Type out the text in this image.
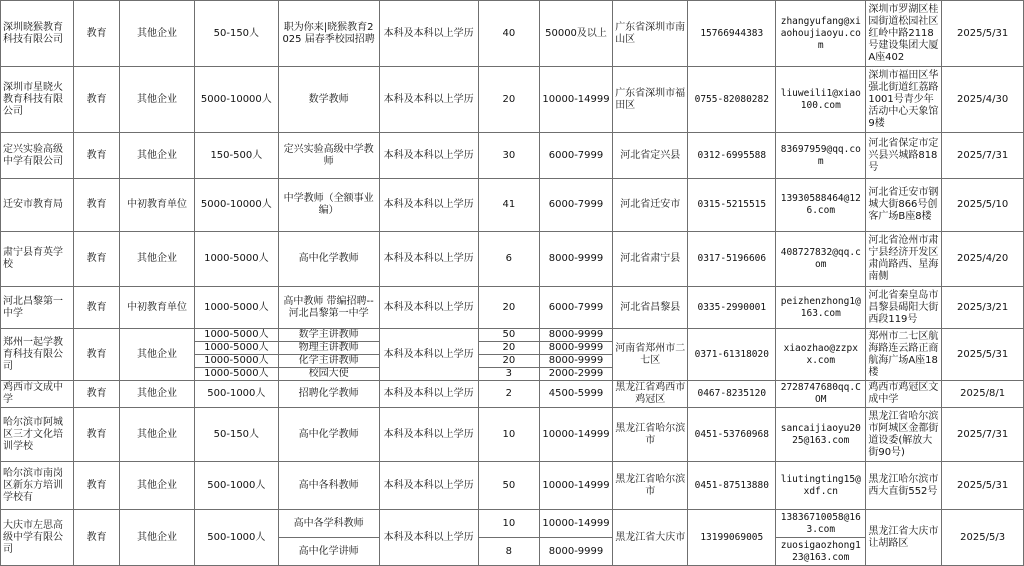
深圳晓猴教育科技有限公司	教育	其他企业	50-150人	职为你来|晓猴教育2025 届春季校园招聘	本科及本科以上学历	40	50000及以上	广东省深圳市南山区	15766944383	zhangyufang@xiaohoujiaoyu.com	深圳市罗湖区桂园街道松园社区红岭中路2118号建设集团大厦A座402	2025/5/31
深圳市星晓火教育科技有限公司	教育	其他企业	5000-10000人	数学教师	本科及本科以上学历	20	10000-14999	广东省深圳市福田区	0755-82080282	liuweili1@xiao100.com	深圳市福田区华强北街道红荔路1001号青少年活动中心天象馆9楼	2025/4/30
定兴实验高级中学有限公司	教育	其他企业	150-500人	定兴实验高级中学教师	本科及本科以上学历	30	6000-7999	河北省定兴县	0312-6995588	83697959@qq.com	河北省保定市定兴县兴城路818号	2025/7/31
迁安市教育局	教育	中初教育单位	5000-10000人	中学教师（全额事业编）	本科及本科以上学历	41	6000-7999	河北省迁安市	0315-5215515	13930588464@126.com	河北省迁安市钢城大街866号创客广场B座8楼	2025/5/10
肃宁县育英学校	教育	其他企业	1000-5000人	高中化学教师	本科及本科以上学历	6	8000-9999	河北省肃宁县	0317-5196606	408727832@qq.com	河北省沧州市肃宁县经济开发区肃尚路西、星海南侧	2025/4/20
河北昌黎第一中学	教育	中初教育单位	1000-5000人	高中教师 带编招聘--河北昌黎第一中学	本科及本科以上学历	20	6000-7999	河北省昌黎县	0335-2990001	peizhenzhong1@163.com	河北省秦皇岛市昌黎县碣阳大街西段119号	2025/3/21
郑州一起学教育科技有限公司	教育	其他企业	1000-5000人	数学主讲教师	本科及本科以上学历	50	8000-9999	河南省郑州市二七区	0371-61318020	xiaozhao@zzpxx.com	郑州市二七区航海路连云路正商航海广场A座18楼	2025/5/31
			1000-5000人	物理主讲教师		20	8000-9999					
			1000-5000人	化学主讲教师		20	8000-9999					
			1000-5000人	校园大使		3	2000-2999					
鸡西市文成中学	教育	其他企业	500-1000人	招聘化学教师	本科及本科以上学历	2	4500-5999	黑龙江省鸡西市鸡冠区	0467-8235120	2728747680qq.COM	鸡西市鸡冠区文成中学	2025/8/1
哈尔滨市阿城区三才文化培训学校	教育	其他企业	50-150人	高中化学教师	本科及本科以上学历	10	10000-14999	黑龙江省哈尔滨市	0451-53760968	sancaijiaoyu2025@163.com	黑龙江省哈尔滨市阿城区金都街道设委(解放大街90号)	2025/7/31
哈尔滨市南岗区新东方培训学校有	教育	其他企业	500-1000人	高中各科教师	本科及本科以上学历	50	10000-14999	黑龙江省哈尔滨市	0451-87513880	liutingting15@xdf.cn	黑龙江哈尔滨市西大直街552号	2025/5/31
大庆市左思高级中学有限公司	教育	其他企业	500-1000人	高中各学科教师	本科及本科以上学历	10	10000-14999	黑龙江省大庆市	13199069005	13836710058@163.com	黑龙江省大庆市让胡路区	2025/5/3
				高中化学讲师		8	8000-9999			zuosigaozhong123@163.com		
